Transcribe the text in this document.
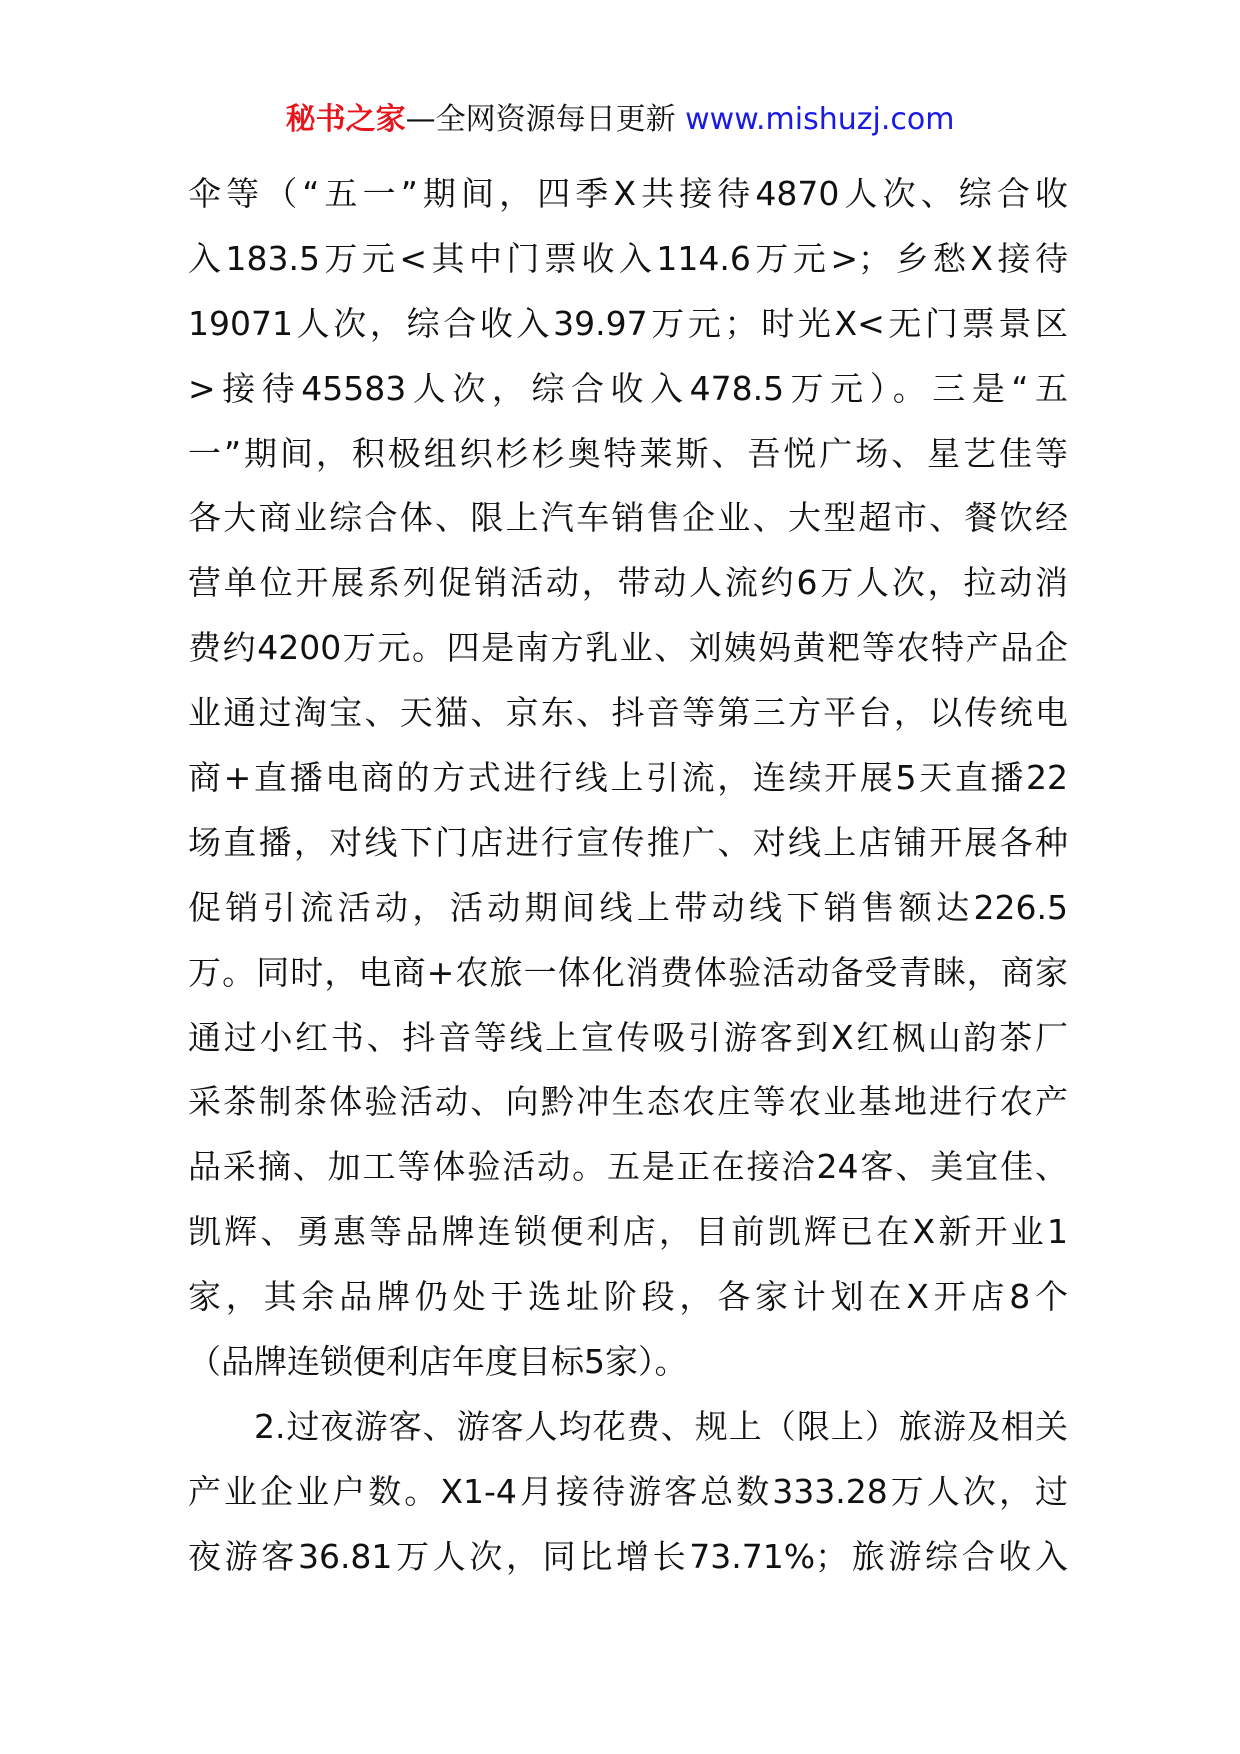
秘书之家—全网资源每日更新 www.mishuzj.com
伞等（“五一”期间，四季X共接待4870人次、综合收
入183.5万元<其中门票收入114.6万元>；乡愁X接待
19071人次，综合收入39.97万元；时光X<无门票景区
>接待45583人次，综合收入478.5万元）。三是“五
一”期间，积极组织杉杉奥特莱斯、吾悦广场、星艺佳等
各大商业综合体、限上汽车销售企业、大型超市、餐饮经
营单位开展系列促销活动，带动人流约6万人次，拉动消
费约4200万元。四是南方乳业、刘姨妈黄粑等农特产品企
业通过淘宝、天猫、京东、抖音等第三方平台，以传统电
商+直播电商的方式进行线上引流，连续开展5天直播22
场直播，对线下门店进行宣传推广、对线上店铺开展各种
促销引流活动，活动期间线上带动线下销售额达226.5
万。同时，电商+农旅一体化消费体验活动备受青睐，商家
通过小红书、抖音等线上宣传吸引游客到X红枫山韵茶厂
采茶制茶体验活动、向黔冲生态农庄等农业基地进行农产
品采摘、加工等体验活动。五是正在接洽24客、美宜佳、
凯辉、勇惠等品牌连锁便利店，目前凯辉已在X新开业1
家，其余品牌仍处于选址阶段，各家计划在X开店8个
（品牌连锁便利店年度目标5家）。
2.过夜游客、游客人均花费、规上（限上）旅游及相关
产业企业户数。X1-4月接待游客总数333.28万人次，过
夜游客36.81万人次，同比增长73.71%；旅游综合收入
